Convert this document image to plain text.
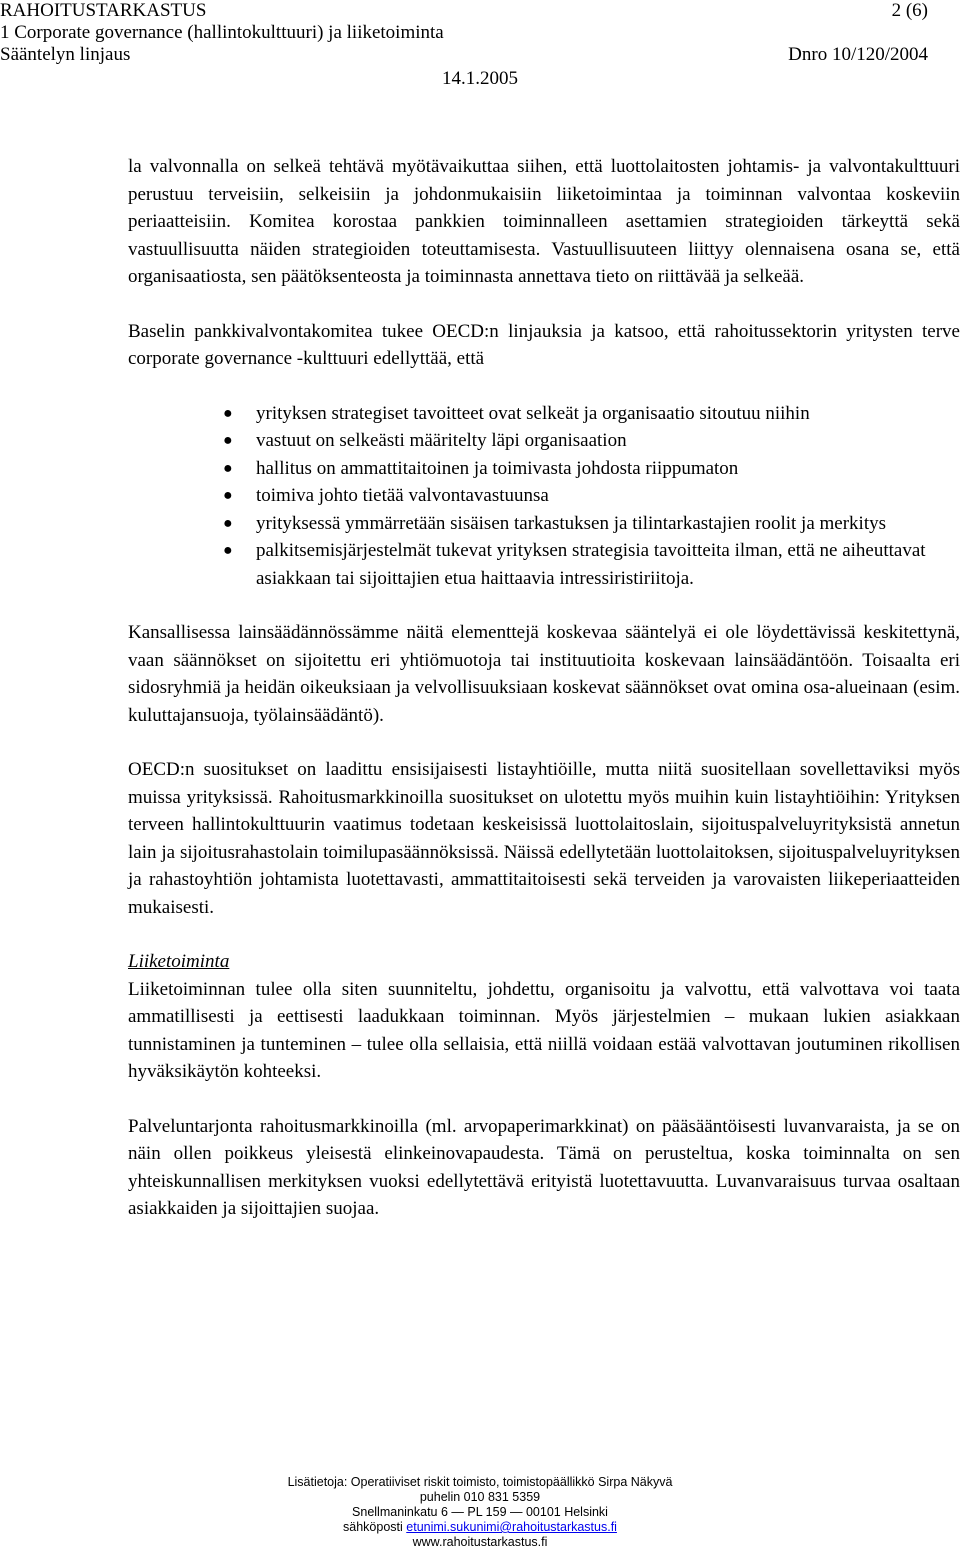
RAHOITUSTARKASTUS	2 (6)
1 Corporate governance (hallintokulttuuri) ja liiketoiminta
Sääntelyn linjaus	Dnro 10/120/2004
14.1.2005

la valvonnalla on selkeä tehtävä myötävaikuttaa siihen, että luottolaitosten johtamis- ja valvontakulttuuri perustuu terveisiin, selkeisiin ja johdonmukaisiin liiketoimintaa ja toiminnan valvontaa koskeviin periaatteisiin. Komitea korostaa pankkien toiminnalleen asettamien strategioiden tärkeyttä sekä vastuullisuutta näiden strategioiden toteuttamisesta. Vastuullisuuteen liittyy olennaisena osana se, että organisaatiosta, sen päätöksenteosta ja toiminnasta annettava tieto on riittävää ja selkeää.

Baselin pankkivalvontakomitea tukee OECD:n linjauksia ja katsoo, että rahoitussektorin yritysten terve corporate governance -kulttuuri edellyttää, että

● yrityksen strategiset tavoitteet ovat selkeät ja organisaatio sitoutuu niihin
● vastuut on selkeästi määritelty läpi organisaation
● hallitus on ammattitaitoinen ja toimivasta johdosta riippumaton
● toimiva johto tietää valvontavastuunsa
● yrityksessä ymmärretään sisäisen tarkastuksen ja tilintarkastajien roolit ja merkitys
● palkitsemisjärjestelmät tukevat yrityksen strategisia tavoitteita ilman, että ne aiheuttavat asiakkaan tai sijoittajien etua haittaavia intressiristiriitoja.

Kansallisessa lainsäädännössämme näitä elementtejä koskevaa sääntelyä ei ole löydettävissä keskitettynä, vaan säännökset on sijoitettu eri yhtiömuotoja tai instituutioita koskevaan lainsäädäntöön. Toisaalta eri sidosryhmiä ja heidän oikeuksiaan ja velvollisuuksiaan koskevat säännökset ovat omina osa-alueinaan (esim. kuluttajansuoja, työlainsäädäntö).

OECD:n suositukset on laadittu ensisijaisesti listayhtiöille, mutta niitä suositellaan sovellettaviksi myös muissa yrityksissä. Rahoitusmarkkinoilla suositukset on ulotettu myös muihin kuin listayhtiöihin: Yrityksen terveen hallintokulttuurin vaatimus todetaan keskeisissä luottolaitoslain, sijoituspalveluyrityksistä annetun lain ja sijoitusrahastolain toimilupasäännöksissä. Näissä edellytetään luottolaitoksen, sijoituspalveluyrityksen ja rahastoyhtiön johtamista luotettavasti, ammattitaitoisesti sekä terveiden ja varovaisten liikeperiaatteiden mukaisesti.

Liiketoiminta

Liiketoiminnan tulee olla siten suunniteltu, johdettu, organisoitu ja valvottu, että valvottava voi taata ammatillisesti ja eettisesti laadukkaan toiminnan. Myös järjestelmien – mukaan lukien asiakkaan tunnistaminen ja tunteminen – tulee olla sellaisia, että niillä voidaan estää valvottavan joutuminen rikollisen hyväksikäytön kohteeksi.

Palveluntarjonta rahoitusmarkkinoilla (ml. arvopaperimarkkinat) on pääsääntöisesti luvanvaraista, ja se on näin ollen poikkeus yleisestä elinkeinovapaudesta. Tämä on perusteltua, koska toiminnalta on sen yhteiskunnallisen merkityksen vuoksi edellytettävä erityistä luotettavuutta. Luvanvaraisuus turvaa osaltaan asiakkaiden ja sijoittajien suojaa.

Lisätietoja: Operatiiviset riskit toimisto, toimistopäällikkö Sirpa Näkyvä
puhelin 010 831 5359
Snellmaninkatu 6 — PL 159 — 00101 Helsinki
sähköposti etunimi.sukunimi@rahoitustarkastus.fi
www.rahoitustarkastus.fi
